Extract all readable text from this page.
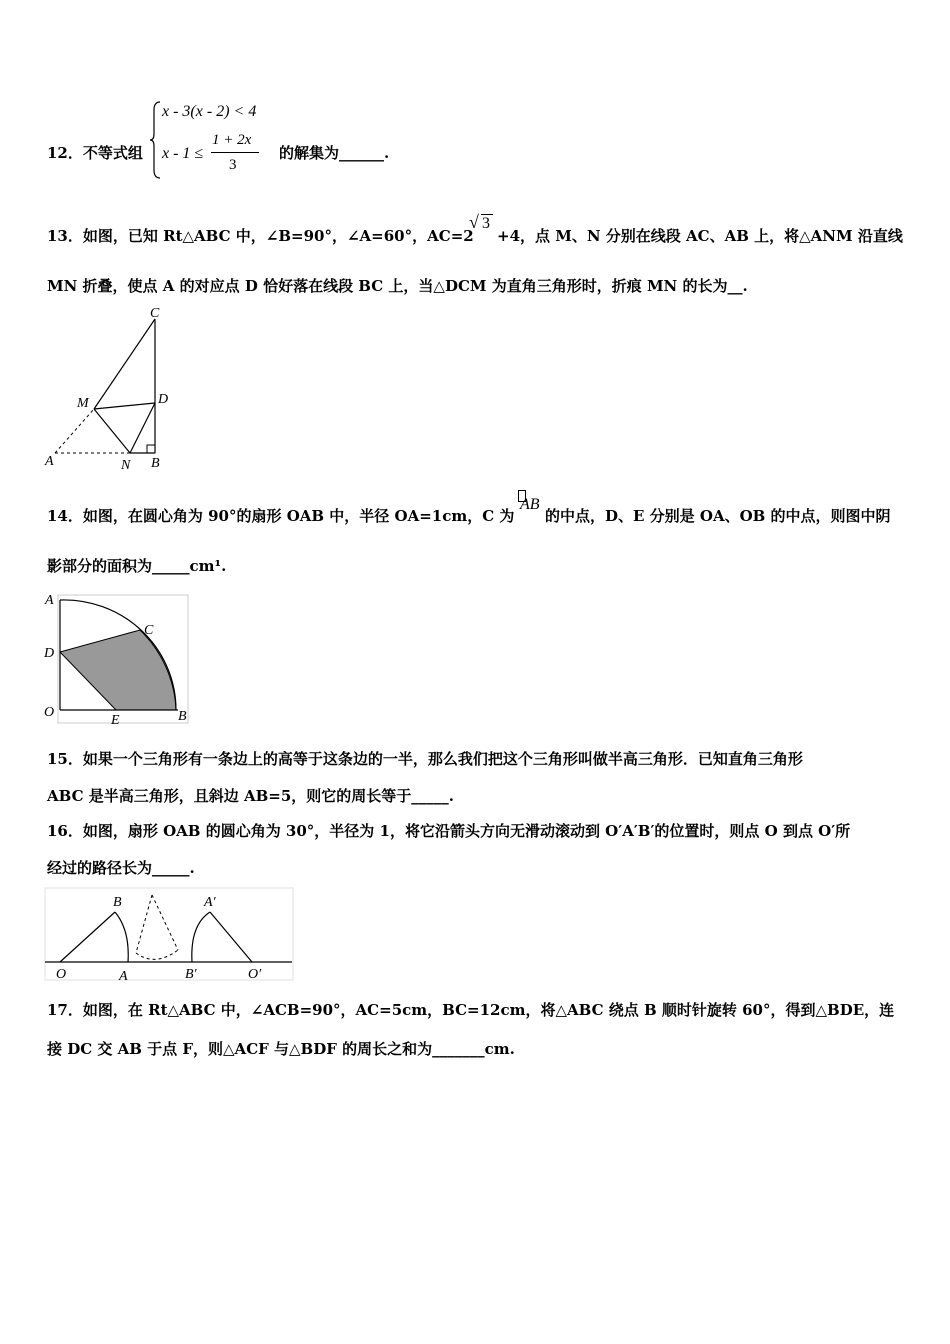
12．不等式组
x - 3(x - 2) < 4
x - 1 ≤
1 + 2x
3
的解集为______.
13．如图，已知 Rt△ABC 中，∠B=90°，∠A=60°，AC=2
√ 3
+4，点 M、N 分别在线段 AC、AB 上，将△ANM 沿直线
MN 折叠，使点 A 的对应点 D 恰好落在线段 BC 上，当△DCM 为直角三角形时，折痕 MN 的长为__.
C
D
M
A	N B
14．如图，在圆心角为 90°的扇形 OAB 中，半径 OA=1cm，C 为
AB
的中点，D、E 分别是 OA、OB 的中点，则图中阴
影部分的面积为_____cm¹.
A
C
D
O
E	B
15．如果一个三角形有一条边上的高等于这条边的一半，那么我们把这个三角形叫做半高三角形．已知直角三角形
ABC 是半高三角形，且斜边 AB=5，则它的周长等于_____.
16．如图，扇形 OAB 的圆心角为 30°，半径为 1，将它沿箭头方向无滑动滚动到 O′A′B′的位置时，则点 O 到点 O′所
经过的路径长为_____.
B	A′
O	A	B′	O′
17．如图，在 Rt△ABC 中，∠ACB=90°，AC=5cm，BC=12cm，将△ABC 绕点 B 顺时针旋转 60°，得到△BDE，连
接 DC 交 AB 于点 F，则△ACF 与△BDF 的周长之和为_______cm.
